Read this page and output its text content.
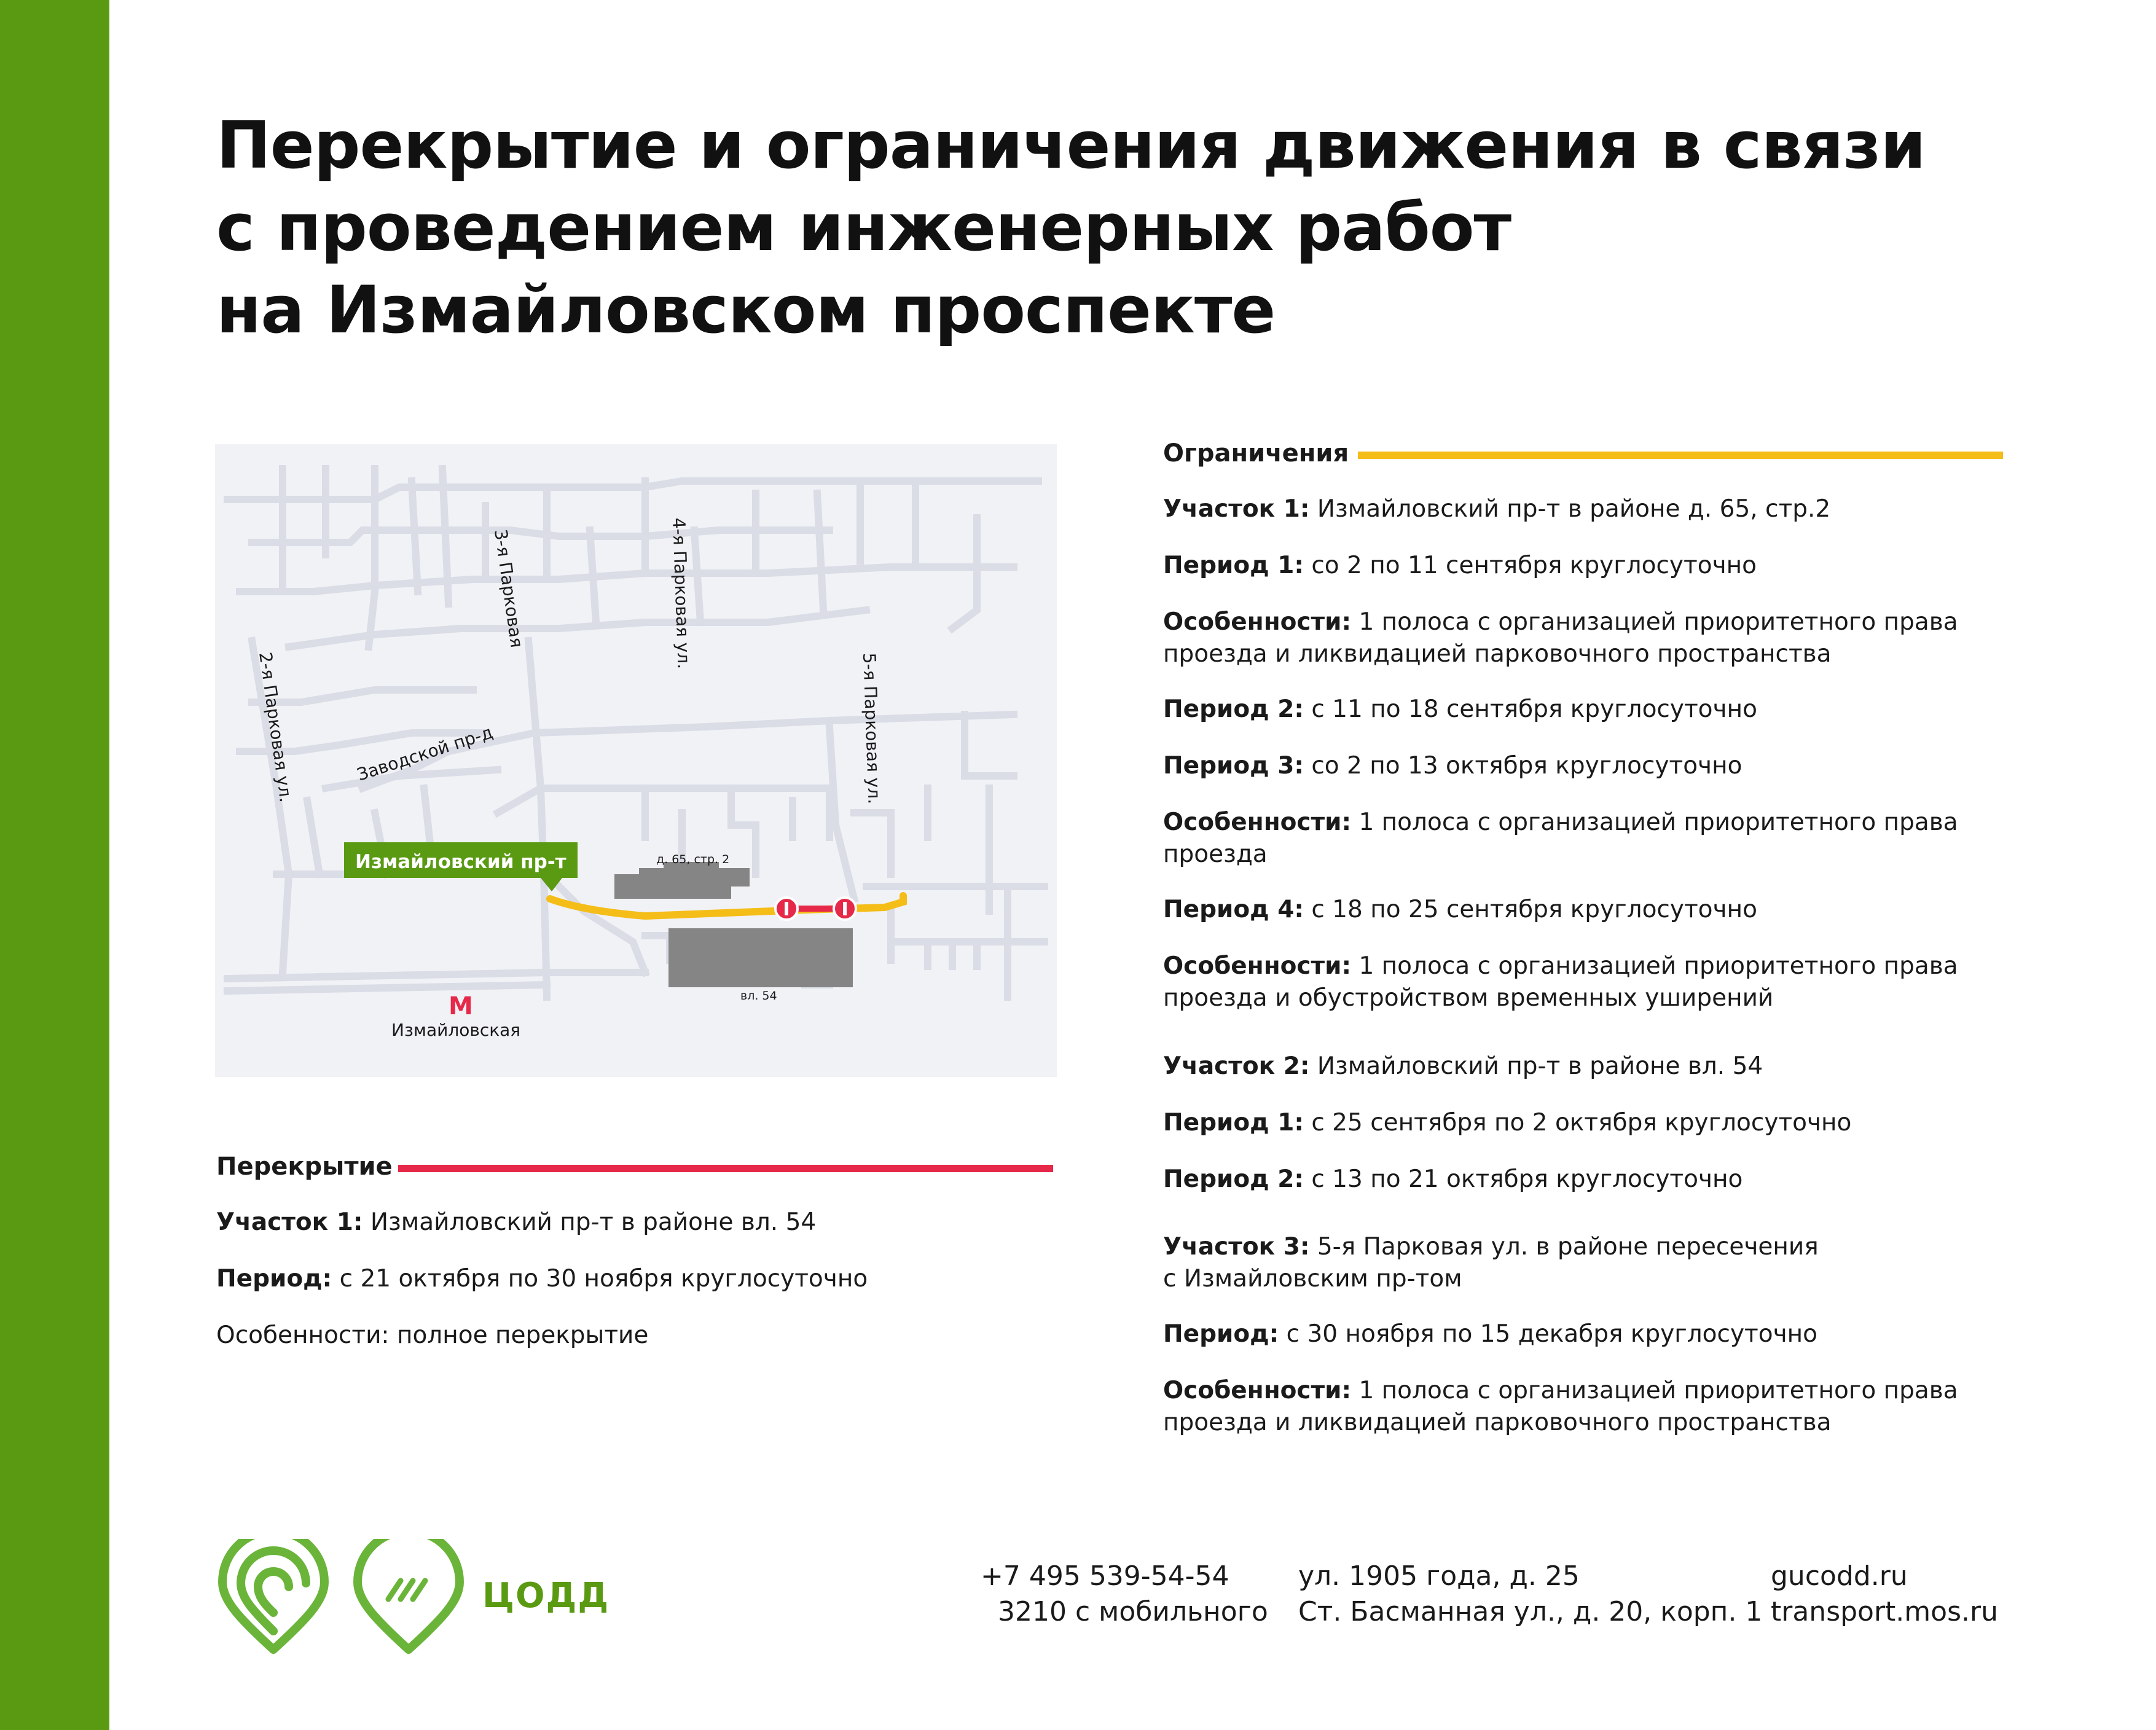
Перекрытие и ограничения движения в связи
с проведением инженерных работ
на Измайловском проспекте
Измайловский пр-т
2-я Парковая ул.
3-я Парковая	4-я Парковая ул.
5-я Парковая ул.
Заводской пр-д
д. 65, стр. 2
вл. 54
М
Измайловская
Ограничения
Участок 1: Измайловский пр-т в районе д. 65, стр.2
Период 1: со 2 по 11 сентября круглосуточно
Особенности: 1 полоса с организацией приоритетного права
проезда и ликвидацией парковочного пространства
Период 2: с 11 по 18 сентября круглосуточно
Период 3: со 2 по 13 октября круглосуточно
Особенности: 1 полоса с организацией приоритетного права
проезда
Период 4: с 18 по 25 сентября круглосуточно
Особенности: 1 полоса с организацией приоритетного права
проезда и обустройством временных уширений
Участок 2: Измайловский пр-т в районе вл. 54
Период 1: с 25 сентября по 2 октября круглосуточно
Период 2: с 13 по 21 октября круглосуточно
Участок 3: 5-я Парковая ул. в районе пересечения
с Измайловским пр-том
Период: с 30 ноября по 15 декабря круглосуточно
Особенности: 1 полоса с организацией приоритетного права
проезда и ликвидацией парковочного пространства
Перекрытие
Участок 1: Измайловский пр-т в районе вл. 54
Период: с 21 октября по 30 ноября круглосуточно
Особенности: полное перекрытие
ЦОДД	+7 495 539-54-54
3210 с мобильного
ул. 1905 года, д. 25
Ст. Басманная ул., д. 20, корп. 1
gucodd.ru
transport.mos.ru
